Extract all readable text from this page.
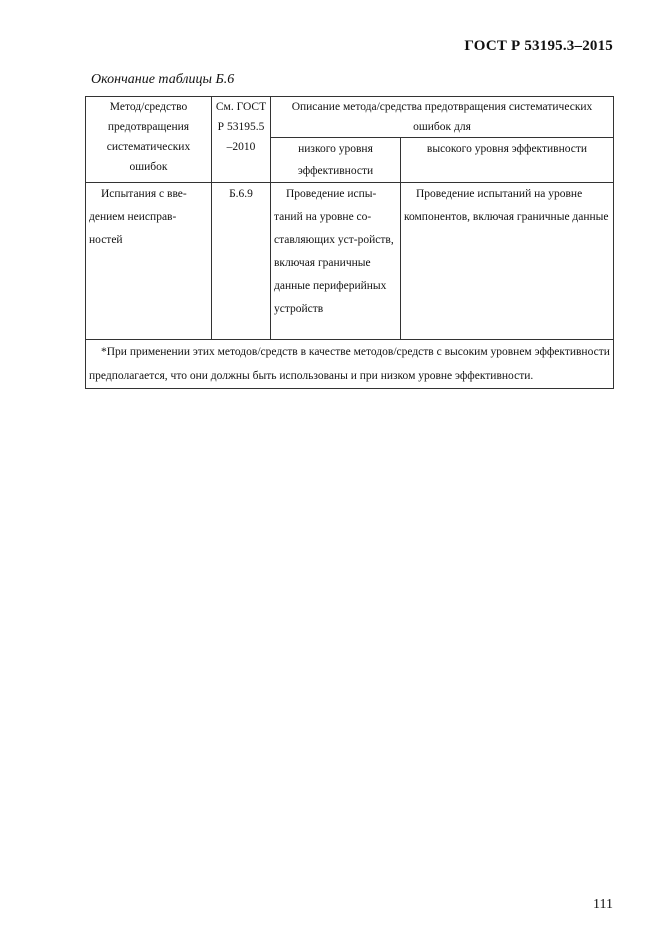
ГОСТ Р 53195.3–2015
Окончание таблицы Б.6
Метод/средство предотвращения систематических ошибок	См. ГОСТ Р 53195.5 –2010	Описание метода/средства предотвращения систематических ошибок для	
		низкого уровня эффективности	высокого уровня эффективности
Испытания с вве-дением неисправ-ностей	Б.6.9	Проведение испы-таний на уровне со-ставляющих уст-ройств, включая граничные данные периферийных устройств	Проведение испытаний на уровне компонентов, включая граничные данные
*При применении этих методов/средств в качестве методов/средств с высоким уровнем эффективности предполагается, что они должны быть использованы и при низком уровне эффективности.			
111
